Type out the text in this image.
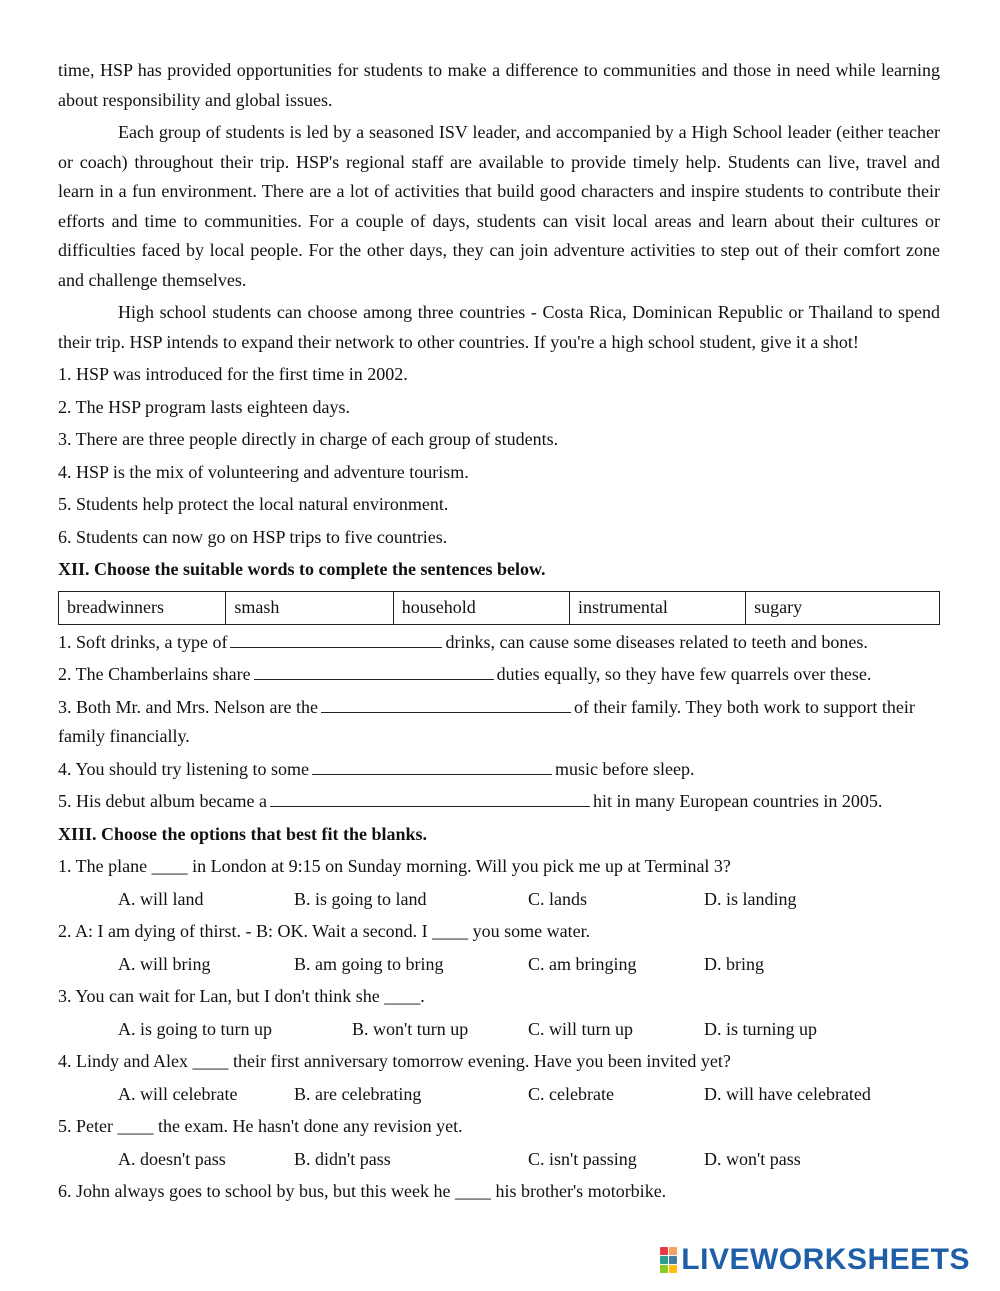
time, HSP has provided opportunities for students to make a difference to communities and those in need while learning about responsibility and global issues.

Each group of students is led by a seasoned ISV leader, and accompanied by a High School leader (either teacher or coach) throughout their trip. HSP's regional staff are available to provide timely help. Students can live, travel and learn in a fun environment. There are a lot of activities that build good characters and inspire students to contribute their efforts and time to communities. For a couple of days, students can visit local areas and learn about their cultures or difficulties faced by local people. For the other days, they can join adventure activities to step out of their comfort zone and challenge themselves.

High school students can choose among three countries - Costa Rica, Dominican Republic or Thailand to spend their trip. HSP intends to expand their network to other countries. If you're a high school student, give it a shot!

1. HSP was introduced for the first time in 2002.

2. The HSP program lasts eighteen days.

3. There are three people directly in charge of each group of students.

4. HSP is the mix of volunteering and adventure tourism.

5. Students help protect the local natural environment.

6. Students can now go on HSP trips to five countries.

XII. Choose the suitable words to complete the sentences below.

breadwinners	smash	household	instrumental	sugary

1. Soft drinks, a type of	drinks, can cause some diseases related to teeth and bones.

2. The Chamberlains share	duties equally, so they have few quarrels over these.

3. Both Mr. and Mrs. Nelson are the	of their family. They both work to support their family financially.

4. You should try listening to some	music before sleep.

5. His debut album became a	hit in many European countries in 2005.

XIII. Choose the options that best fit the blanks.

1. The plane ____ in London at 9:15 on Sunday morning. Will you pick me up at Terminal 3?

A. will land	B. is going to land	C. lands	D. is landing

2. A: I am dying of thirst. - B: OK. Wait a second. I ____ you some water.

A. will bring	B. am going to bring	C. am bringing	D. bring

3. You can wait for Lan, but I don't think she ____.

A. is going to turn up	B. won't turn up	C. will turn up	D. is turning up

4. Lindy and Alex ____ their first anniversary tomorrow evening. Have you been invited yet?

A. will celebrate	B. are celebrating	C. celebrate	D. will have celebrated

5. Peter ____ the exam. He hasn't done any revision yet.

A. doesn't pass	B. didn't pass	C. isn't passing	D. won't pass

6. John always goes to school by bus, but this week he ____ his brother's motorbike.

LIVEWORKSHEETS
